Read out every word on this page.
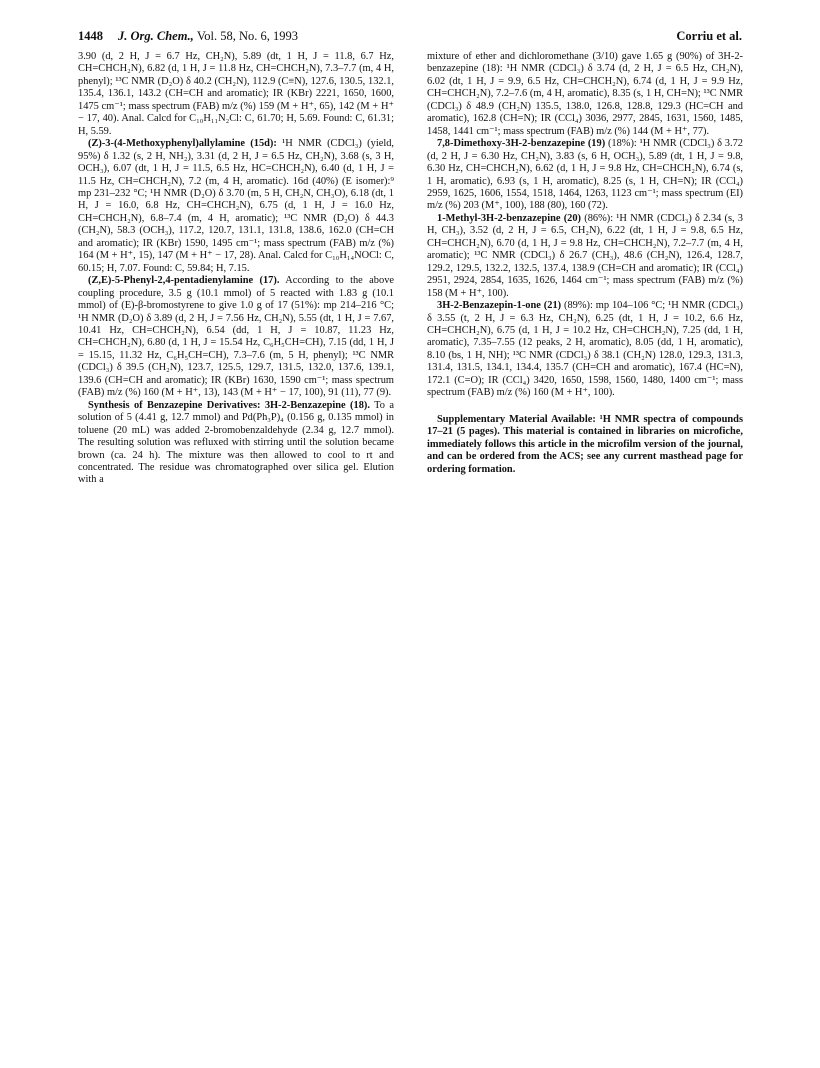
1448 J. Org. Chem., Vol. 58, No. 6, 1993	Corriu et al.

3.90 (d, 2 H, J = 6.7 Hz, CH₂N), 5.89 (dt, 1 H, J = 11.8, 6.7 Hz, CH=CHCH₂N), 6.82 (d, 1 H, J = 11.8 Hz, CH=CHCH₂N), 7.3–7.7 (m, 4 H, phenyl); ¹³C NMR (D₂O) δ 40.2 (CH₂N), 112.9 (C≡N), 127.6, 130.5, 132.1, 135.4, 136.1, 143.2 (CH=CH and aromatic); IR (KBr) 2221, 1650, 1600, 1475 cm⁻¹; mass spectrum (FAB) m/z (%) 159 (M + H⁺, 65), 142 (M + H⁺ − 17, 40). Anal. Calcd for C₁₀H₁₁N₂Cl: C, 61.70; H, 5.69. Found: C, 61.31; H, 5.59.

(Z)-3-(4-Methoxyphenyl)allylamine (15d): ¹H NMR (CDCl₃) (yield, 95%) δ 1.32 (s, 2 H, NH₂), 3.31 (d, 2 H, J = 6.5 Hz, CH₂N), 3.68 (s, 3 H, OCH₃), 6.07 (dt, 1 H, J = 11.5, 6.5 Hz, HC=CHCH₂N), 6.40 (d, 1 H, J = 11.5 Hz, CH=CHCH₂N), 7.2 (m, 4 H, aromatic). 16d (40%) (E isomer):⁹ mp 231–232 °C; ¹H NMR (D₂O) δ 3.70 (m, 5 H, CH₂N, CH₃O), 6.18 (dt, 1 H, J = 16.0, 6.8 Hz, CH=CHCH₂N), 6.75 (d, 1 H, J = 16.0 Hz, CH=CHCH₂N), 6.8–7.4 (m, 4 H, aromatic); ¹³C NMR (D₂O) δ 44.3 (CH₂N), 58.3 (OCH₃), 117.2, 120.7, 131.1, 131.8, 138.6, 162.0 (CH=CH and aromatic); IR (KBr) 1590, 1495 cm⁻¹; mass spectrum (FAB) m/z (%) 164 (M + H⁺, 15), 147 (M + H⁺ − 17, 28). Anal. Calcd for C₁₀H₁₄NOCl: C, 60.15; H, 7.07. Found: C, 59.84; H, 7.15.

(Z,E)-5-Phenyl-2,4-pentadienylamine (17). According to the above coupling procedure, 3.5 g (10.1 mmol) of 5 reacted with 1.83 g (10.1 mmol) of (E)-β-bromostyrene to give 1.0 g of 17 (51%): mp 214–216 °C; ¹H NMR (D₂O) δ 3.89 (d, 2 H, J = 7.56 Hz, CH₂N), 5.55 (dt, 1 H, J = 7.67, 10.41 Hz, CH=CHCH₂N), 6.54 (dd, 1 H, J = 10.87, 11.23 Hz, CH=CHCH₂N), 6.80 (d, 1 H, J = 15.54 Hz, C₆H₅CH=CH), 7.15 (dd, 1 H, J = 15.15, 11.32 Hz, C₆H₅CH=CH), 7.3–7.6 (m, 5 H, phenyl); ¹³C NMR (CDCl₃) δ 39.5 (CH₂N), 123.7, 125.5, 129.7, 131.5, 132.0, 137.6, 139.1, 139.6 (CH=CH and aromatic); IR (KBr) 1630, 1590 cm⁻¹; mass spectrum (FAB) m/z (%) 160 (M + H⁺, 13), 143 (M + H⁺ − 17, 100), 91 (11), 77 (9).

Synthesis of Benzazepine Derivatives: 3H-2-Benzazepine (18). To a solution of 5 (4.41 g, 12.7 mmol) and Pd(Ph₃P)₄ (0.156 g, 0.135 mmol) in toluene (20 mL) was added 2-bromobenzaldehyde (2.34 g, 12.7 mmol). The resulting solution was refluxed with stirring until the solution became brown (ca. 24 h). The mixture was then allowed to cool to rt and concentrated. The residue was chromatographed over silica gel. Elution with a

mixture of ether and dichloromethane (3/10) gave 1.65 g (90%) of 3H-2-benzazepine (18): ¹H NMR (CDCl₃) δ 3.74 (d, 2 H, J = 6.5 Hz, CH₂N), 6.02 (dt, 1 H, J = 9.9, 6.5 Hz, CH=CHCH₂N), 6.74 (d, 1 H, J = 9.9 Hz, CH=CHCH₂N), 7.2–7.6 (m, 4 H, aromatic), 8.35 (s, 1 H, CH=N); ¹³C NMR (CDCl₃) δ 48.9 (CH₂N) 135.5, 138.0, 126.8, 128.8, 129.3 (HC=CH and aromatic), 162.8 (CH=N); IR (CCl₄) 3036, 2977, 2845, 1631, 1560, 1485, 1458, 1441 cm⁻¹; mass spectrum (FAB) m/z (%) 144 (M + H⁺, 77).

7,8-Dimethoxy-3H-2-benzazepine (19) (18%): ¹H NMR (CDCl₃) δ 3.72 (d, 2 H, J = 6.30 Hz, CH₂N), 3.83 (s, 6 H, OCH₃), 5.89 (dt, 1 H, J = 9.8, 6.30 Hz, CH=CHCH₂N), 6.62 (d, 1 H, J = 9.8 Hz, CH=CHCH₂N), 6.74 (s, 1 H, aromatic), 6.93 (s, 1 H, aromatic), 8.25 (s, 1 H, CH=N); IR (CCl₄) 2959, 1625, 1606, 1554, 1518, 1464, 1263, 1123 cm⁻¹; mass spectrum (EI) m/z (%) 203 (M⁺, 100), 188 (80), 160 (72).

1-Methyl-3H-2-benzazepine (20) (86%): ¹H NMR (CDCl₃) δ 2.34 (s, 3 H, CH₃), 3.52 (d, 2 H, J = 6.5, CH₂N), 6.22 (dt, 1 H, J = 9.8, 6.5 Hz, CH=CHCH₂N), 6.70 (d, 1 H, J = 9.8 Hz, CH=CHCH₂N), 7.2–7.7 (m, 4 H, aromatic); ¹³C NMR (CDCl₃) δ 26.7 (CH₃), 48.6 (CH₂N), 126.4, 128.7, 129.2, 129.5, 132.2, 132.5, 137.4, 138.9 (CH=CH and aromatic); IR (CCl₄) 2951, 2924, 2854, 1635, 1626, 1464 cm⁻¹; mass spectrum (FAB) m/z (%) 158 (M + H⁺, 100).

3H-2-Benzazepin-1-one (21) (89%): mp 104–106 °C; ¹H NMR (CDCl₃) δ 3.55 (t, 2 H, J = 6.3 Hz, CH₂N), 6.25 (dt, 1 H, J = 10.2, 6.6 Hz, CH=CHCH₂N), 6.75 (d, 1 H, J = 10.2 Hz, CH=CHCH₂N), 7.25 (dd, 1 H, aromatic), 7.35–7.55 (12 peaks, 2 H, aromatic), 8.05 (dd, 1 H, aromatic), 8.10 (bs, 1 H, NH); ¹³C NMR (CDCl₃) δ 38.1 (CH₂N) 128.0, 129.3, 131.3, 131.4, 131.5, 134.1, 134.4, 135.7 (CH=CH and aromatic), 167.4 (HC=N), 172.1 (C=O); IR (CCl₄) 3420, 1650, 1598, 1560, 1480, 1400 cm⁻¹; mass spectrum (FAB) m/z (%) 160 (M + H⁺, 100).

Supplementary Material Available: ¹H NMR spectra of compounds 17–21 (5 pages). This material is contained in libraries on microfiche, immediately follows this article in the microfilm version of the journal, and can be ordered from the ACS; see any current masthead page for ordering formation.
